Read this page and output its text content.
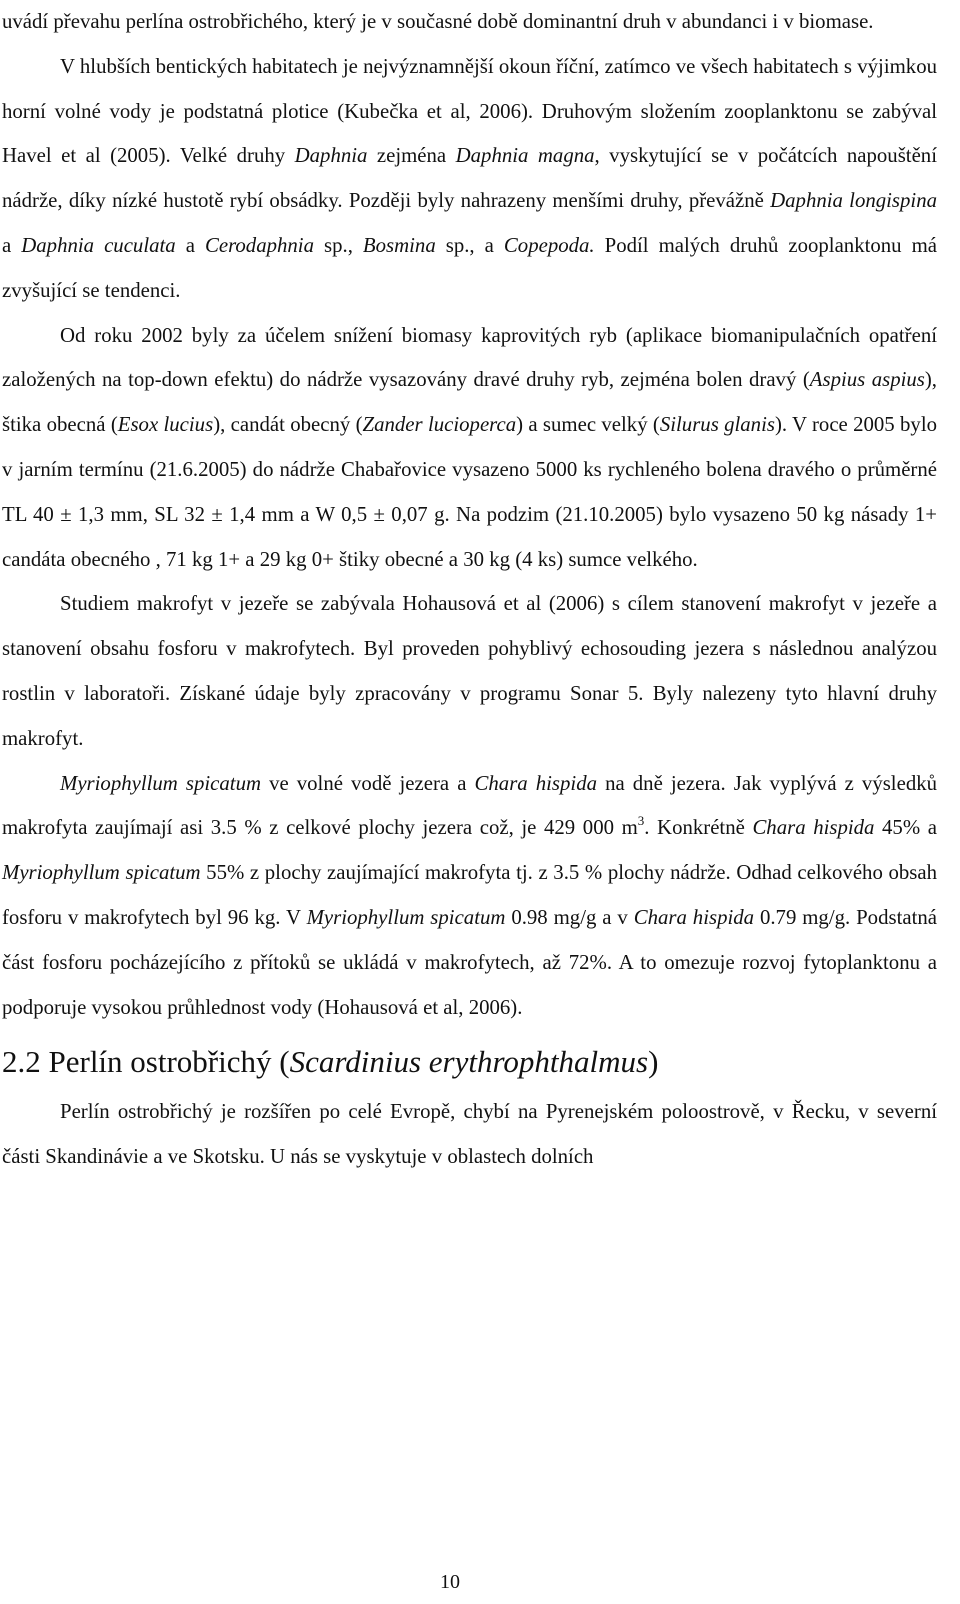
uvádí převahu perlína ostrobřichého, který je v současné době dominantní druh v abundanci i v biomase.

V hlubších bentických habitatech je nejvýznamnější okoun říční, zatímco ve všech habitatech s výjimkou horní volné vody je podstatná plotice (Kubečka et al, 2006). Druhovým složením zooplanktonu se zabýval Havel et al (2005). Velké druhy Daphnia zejména Daphnia magna, vyskytující se v počátcích napouštění nádrže, díky nízké hustotě rybí obsádky. Později byly nahrazeny menšími druhy, převážně Daphnia longispina a Daphnia cuculata a Cerodaphnia sp., Bosmina sp., a Copepoda. Podíl malých druhů zooplanktonu má zvyšující se tendenci.

Od roku 2002 byly za účelem snížení biomasy kaprovitých ryb (aplikace biomanipulačních opatření založených na top-down efektu) do nádrže vysazovány dravé druhy ryb, zejména bolen dravý (Aspius aspius), štika obecná (Esox lucius), candát obecný (Zander lucioperca) a sumec velký (Silurus glanis). V roce 2005 bylo v jarním termínu (21.6.2005) do nádrže Chabařovice vysazeno 5000 ks rychleného bolena dravého o průměrné TL 40 ± 1,3 mm, SL 32 ± 1,4 mm a W 0,5 ± 0,07 g. Na podzim (21.10.2005) bylo vysazeno 50 kg násady 1+ candáta obecného , 71 kg 1+ a 29 kg 0+ štiky obecné a 30 kg (4 ks) sumce velkého.

Studiem makrofyt v jezeře se zabývala Hohausová et al (2006) s cílem stanovení makrofyt v jezeře a stanovení obsahu fosforu v makrofytech. Byl proveden pohyblivý echosouding jezera s následnou analýzou rostlin v laboratoři. Získané údaje byly zpracovány v programu Sonar 5. Byly nalezeny tyto hlavní druhy makrofyt.

Myriophyllum spicatum ve volné vodě jezera a Chara hispida na dně jezera. Jak vyplývá z výsledků makrofyta zaujímají asi 3.5 % z celkové plochy jezera což, je 429 000 $m^3$. Konkrétně Chara hispida 45% a Myriophyllum spicatum 55% z plochy zaujímající makrofyta tj. z 3.5 % plochy nádrže. Odhad celkového obsah fosforu v makrofytech byl 96 kg. V Myriophyllum spicatum 0.98 mg/g a v Chara hispida 0.79 mg/g. Podstatná část fosforu pocházejícího z přítoků se ukládá v makrofytech, až 72%. A to omezuje rozvoj fytoplanktonu a podporuje vysokou průhlednost vody (Hohausová et al, 2006).

2.2 Perlín ostrobřichý (Scardinius erythrophthalmus)

Perlín ostrobřichý je rozšířen po celé Evropě, chybí na Pyrenejském poloostrově, v Řecku, v severní části Skandinávie a ve Skotsku. U nás se vyskytuje v oblastech dolních

10
